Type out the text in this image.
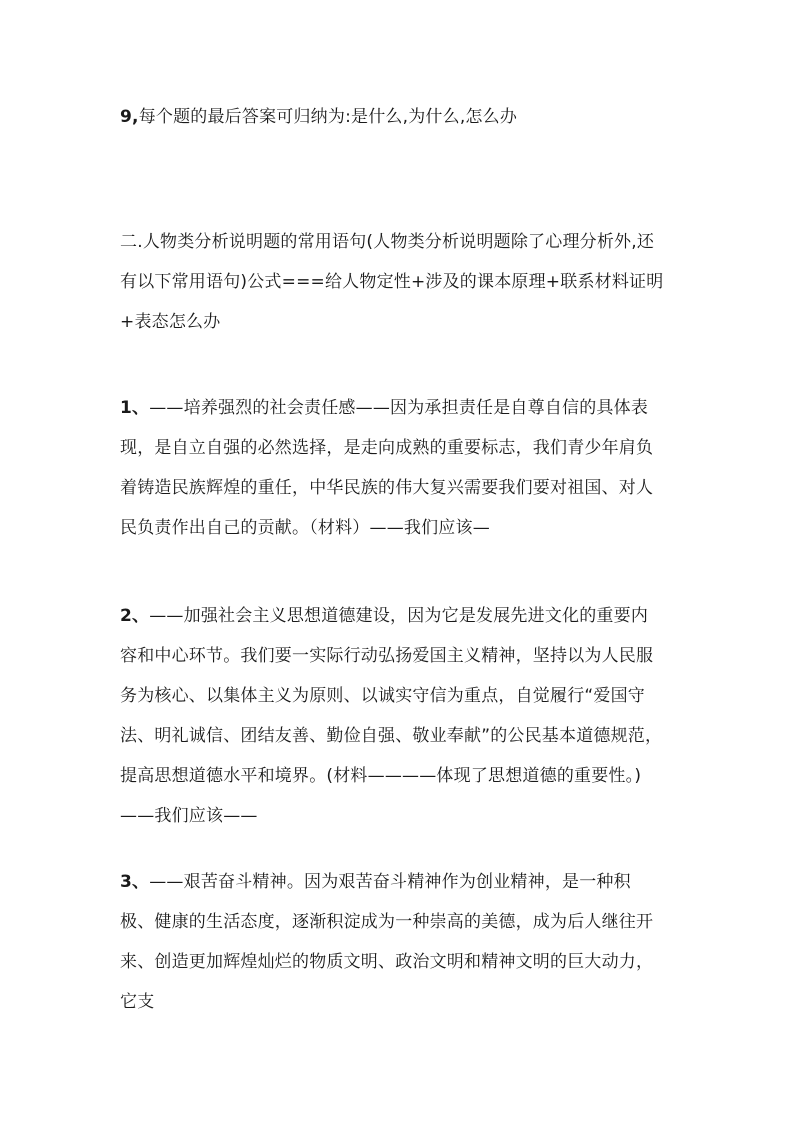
9,每个题的最后答案可归纳为:是什么,为什么,怎么办

二.人物类分析说明题的常用语句(人物类分析说明题除了心理分析外,还有以下常用语句)公式===给人物定性+涉及的课本原理+联系材料证明+表态怎么办

1、——培养强烈的社会责任感——因为承担责任是自尊自信的具体表现，是自立自强的必然选择，是走向成熟的重要标志，我们青少年肩负着铸造民族辉煌的重任，中华民族的伟大复兴需要我们要对祖国、对人民负责作出自己的贡献。（材料）——我们应该—

2、——加强社会主义思想道德建设，因为它是发展先进文化的重要内容和中心环节。我们要一实际行动弘扬爱国主义精神，坚持以为人民服务为核心、以集体主义为原则、以诚实守信为重点，自觉履行“爱国守法、明礼诚信、团结友善、勤俭自强、敬业奉献”的公民基本道德规范，提高思想道德水平和境界。(材料————体现了思想道德的重要性。)——我们应该——

3、——艰苦奋斗精神。因为艰苦奋斗精神作为创业精神，是一种积极、健康的生活态度，逐渐积淀成为一种崇高的美德，成为后人继往开来、创造更加辉煌灿烂的物质文明、政治文明和精神文明的巨大动力，它支
